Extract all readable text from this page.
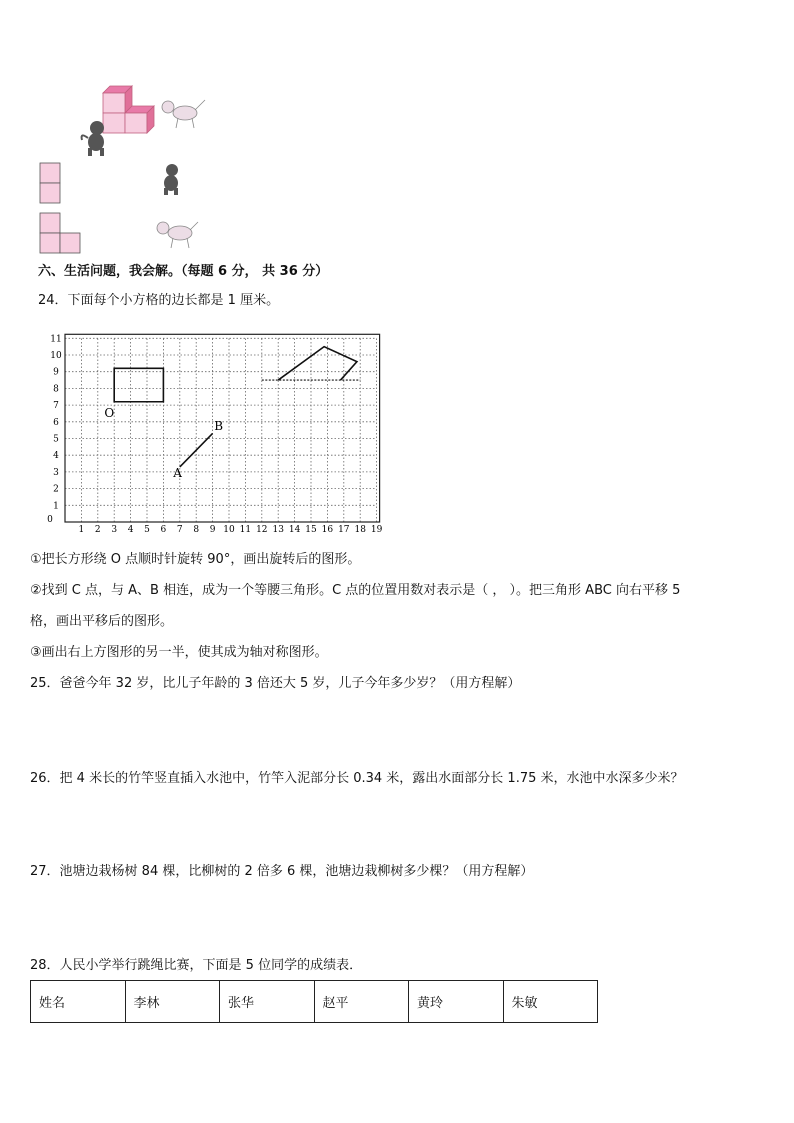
六、生活问题，我会解。（每题 6 分， 共 36 分）
24．下面每个小方格的边长都是 1 厘米。
0
1 2 3 4 5 6 7 8 9 10 11 12 13 14 15 16 17 18 19
1
2
3
4
5
6
7
8
9
10
11
O
A
B
①把长方形绕 O 点顺时针旋转 90°，画出旋转后的图形。
②找到 C 点，与 A、B 相连，成为一个等腰三角形。C 点的位置用数对表示是（ ， ）。把三角形 ABC 向右平移 5
格，画出平移后的图形。
③画出右上方图形的另一半，使其成为轴对称图形。
25．爸爸今年 32 岁，比儿子年龄的 3 倍还大 5 岁，儿子今年多少岁？（用方程解）
26．把 4 米长的竹竿竖直插入水池中，竹竿入泥部分长 0.34 米，露出水面部分长 1.75 米，水池中水深多少米？
27．池塘边栽杨树 84 棵，比柳树的 2 倍多 6 棵，池塘边栽柳树多少棵？（用方程解）
28．人民小学举行跳绳比赛，下面是 5 位同学的成绩表．
姓名	李林	张华	赵平	黄玲	朱敏
